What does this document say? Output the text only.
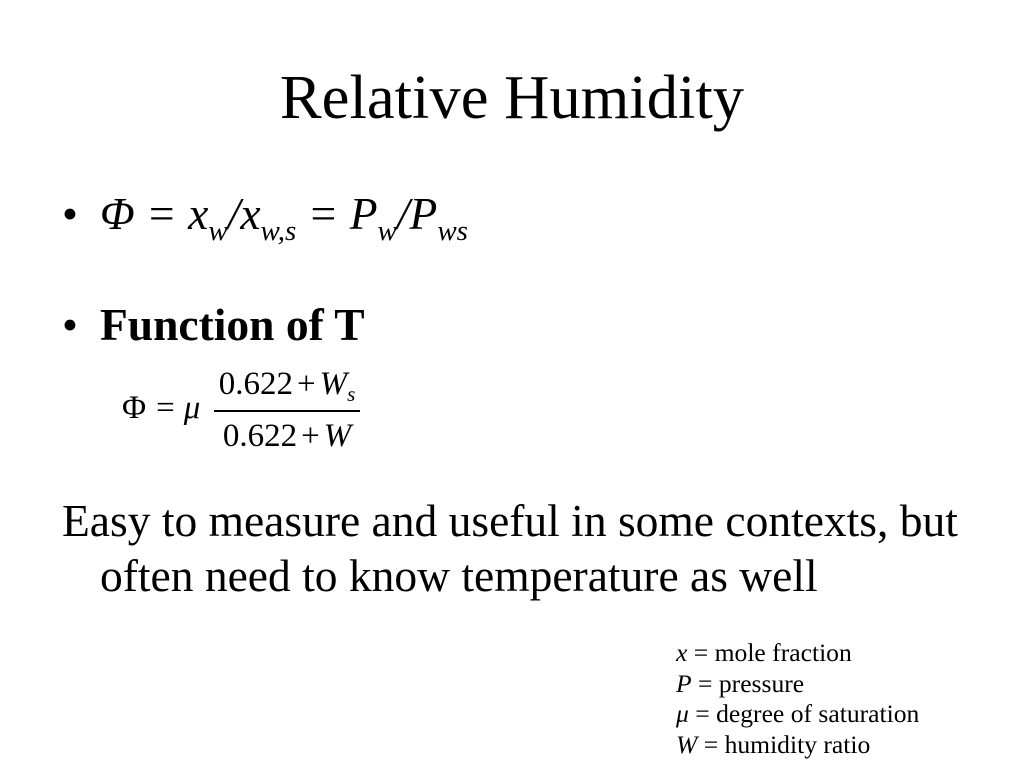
Relative Humidity
• $\Phi = x_w/x_{w,s} = P_w/P_{ws}$
• Function of T
Φ = μ
$0.622 + W_s$
0.622 + W

Easy to measure and useful in some contexts, but often need to know temperature as well

x = mole fraction
P = pressure
μ = degree of saturation
W = humidity ratio
